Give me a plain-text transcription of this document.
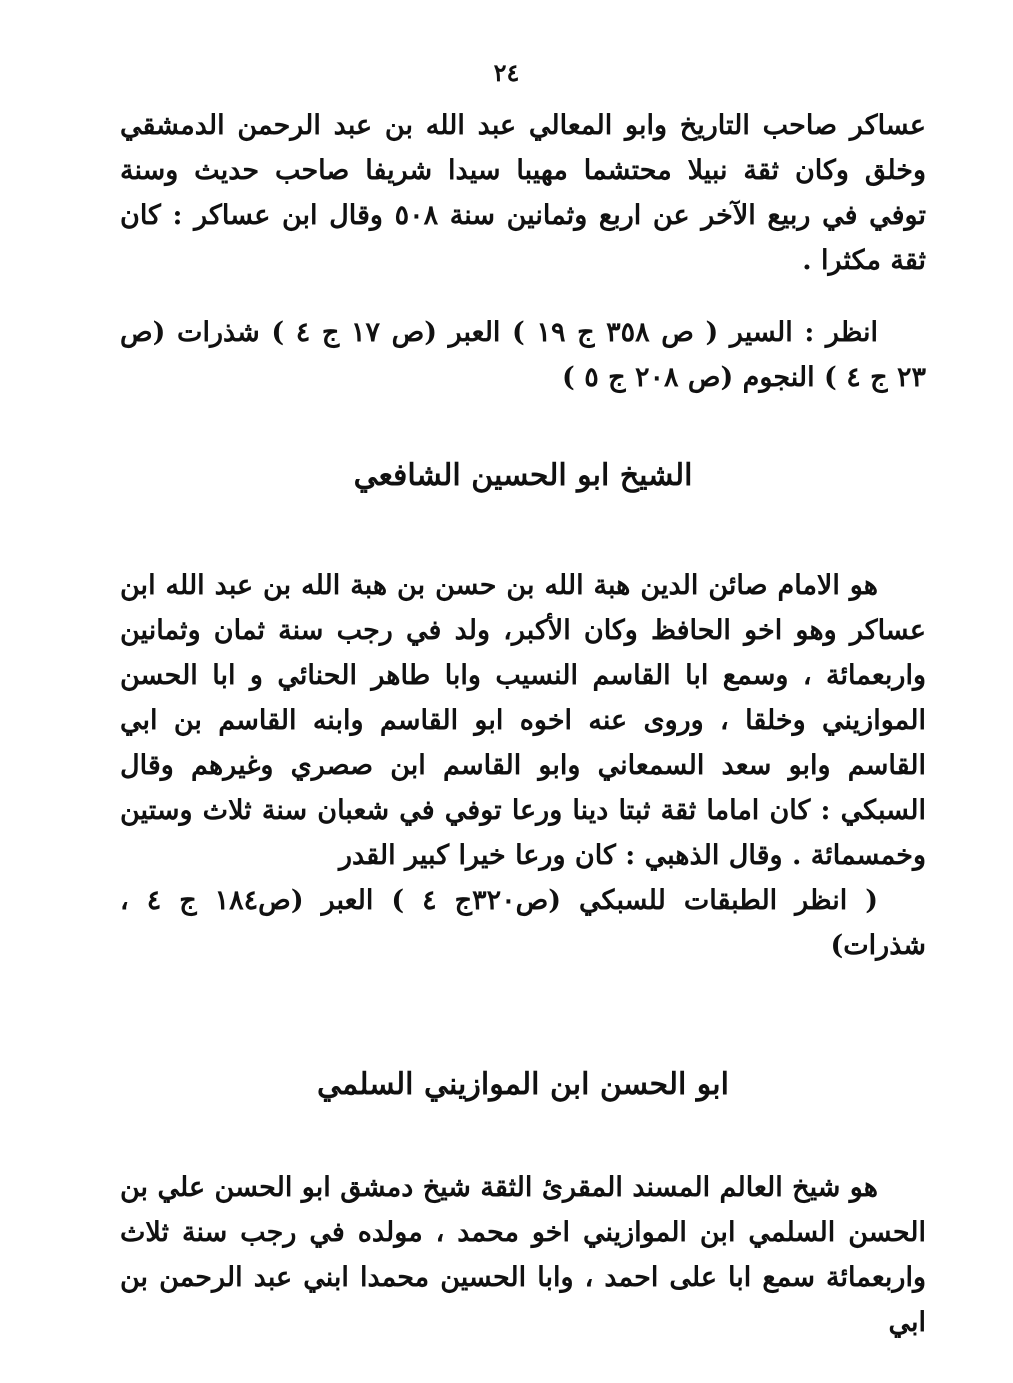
٢٤

عساكر صاحب التاريخ وابو المعالي عبد الله بن عبد الرحمن الدمشقي وخلق وكان ثقة نبيلا محتشما مهيبا سيدا شريفا صاحب حديث وسنة توفي في ربيع الآخر عن اربع وثمانين سنة ٥٠٨ وقال ابن عساكر : كان ثقة مكثرا .

انظر : السير ( ص ٣٥٨ ج ١٩ ) العبر (ص ١٧ ج ٤ ) شذرات (ص ٢٣ ج ٤ ) النجوم (ص ٢٠٨ ج ٥ )

الشيخ ابو الحسين الشافعي

هو الامام صائن الدين هبة الله بن حسن بن هبة الله بن عبد الله ابن عساكر وهو اخو الحافظ وكان الأكبر، ولد في رجب سنة ثمان وثمانين واربعمائة ، وسمع ابا القاسم النسيب وابا طاهر الحنائي و ابا الحسن الموازيني وخلقا ، وروى عنه اخوه ابو القاسم وابنه القاسم بن ابي القاسم وابو سعد السمعاني وابو القاسم ابن صصري وغيرهم وقال السبكي : كان اماما ثقة ثبتا دينا ورعا توفي في شعبان سنة ثلاث وستين وخمسمائة . وقال الذهبي : كان ورعا خيرا كبير القدر

( انظر الطبقات للسبكي (ص٣٢٠ج ٤ ) العبر (ص١٨٤ ج ٤ ، شذرات)

ابو الحسن ابن الموازيني السلمي

هو شيخ العالم المسند المقرئ الثقة شيخ دمشق ابو الحسن علي بن الحسن السلمي ابن الموازيني اخو محمد ، مولده في رجب سنة ثلاث واربعمائة سمع ابا على احمد ، وابا الحسين محمدا ابني عبد الرحمن بن ابي
